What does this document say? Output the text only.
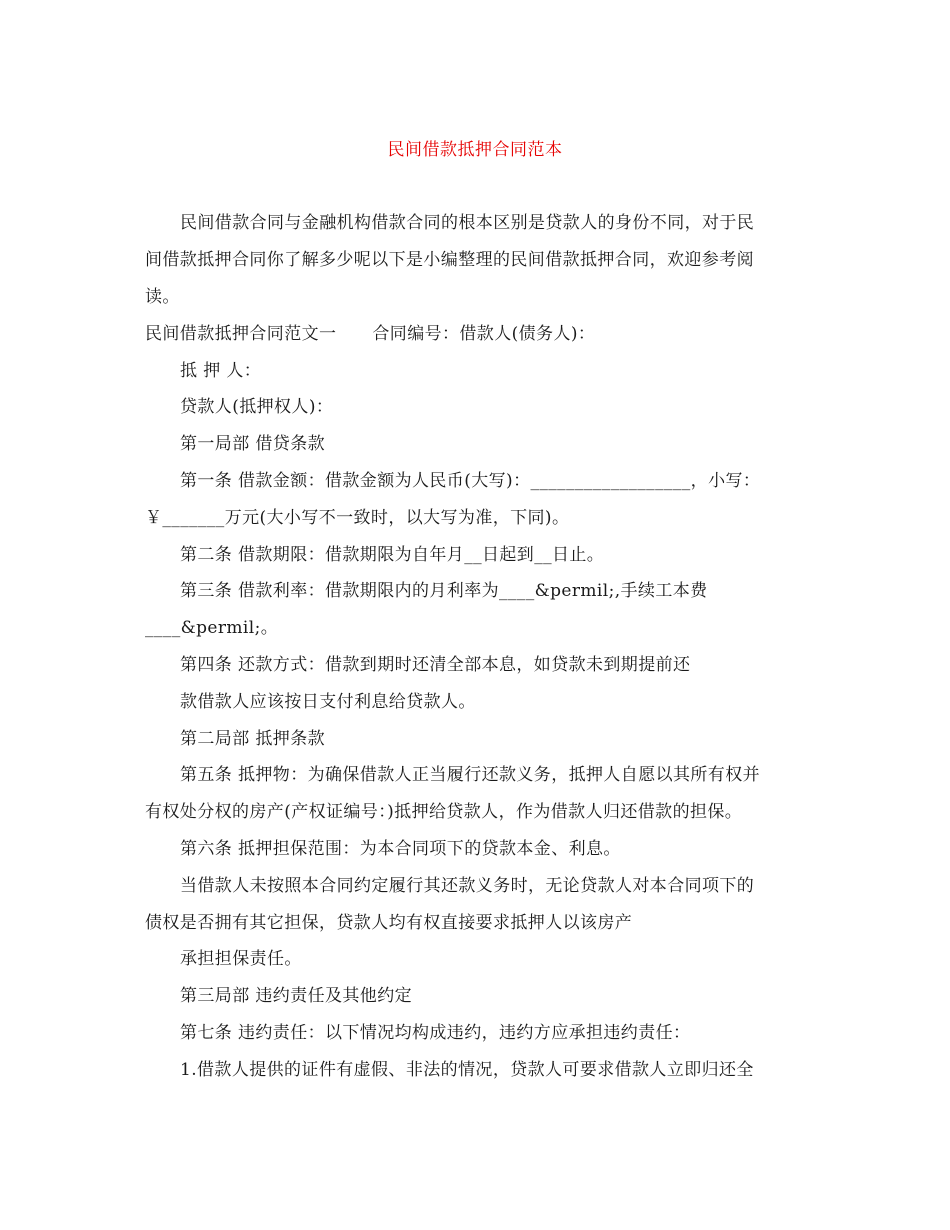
民间借款抵押合同范本
民间借款合同与金融机构借款合同的根本区别是贷款人的身份不同，对于民
间借款抵押合同你了解多少呢以下是小编整理的民间借款抵押合同，欢迎参考阅
读。
民间借款抵押合同范文一 合同编号：借款人(债务人)：
抵 押 人：
贷款人(抵押权人)：
第一局部 借贷条款
第一条 借款金额：借款金额为人民币(大写)：__________________，小写：
￥_______万元(大小写不一致时，以大写为准，下同)。
第二条 借款期限：借款期限为自年月__日起到__日止。
第三条 借款利率：借款期限内的月利率为____&permil;,手续工本费
____&permil;。
第四条 还款方式：借款到期时还清全部本息，如贷款未到期提前还
款借款人应该按日支付利息给贷款人。
第二局部 抵押条款
第五条 抵押物：为确保借款人正当履行还款义务，抵押人自愿以其所有权并
有权处分权的房产(产权证编号：)抵押给贷款人，作为借款人归还借款的担保。
第六条 抵押担保范围：为本合同项下的贷款本金、利息。
当借款人未按照本合同约定履行其还款义务时，无论贷款人对本合同项下的
债权是否拥有其它担保，贷款人均有权直接要求抵押人以该房产
承担担保责任。
第三局部 违约责任及其他约定
第七条 违约责任：以下情况均构成违约，违约方应承担违约责任：
1.借款人提供的证件有虚假、非法的情况，贷款人可要求借款人立即归还全
